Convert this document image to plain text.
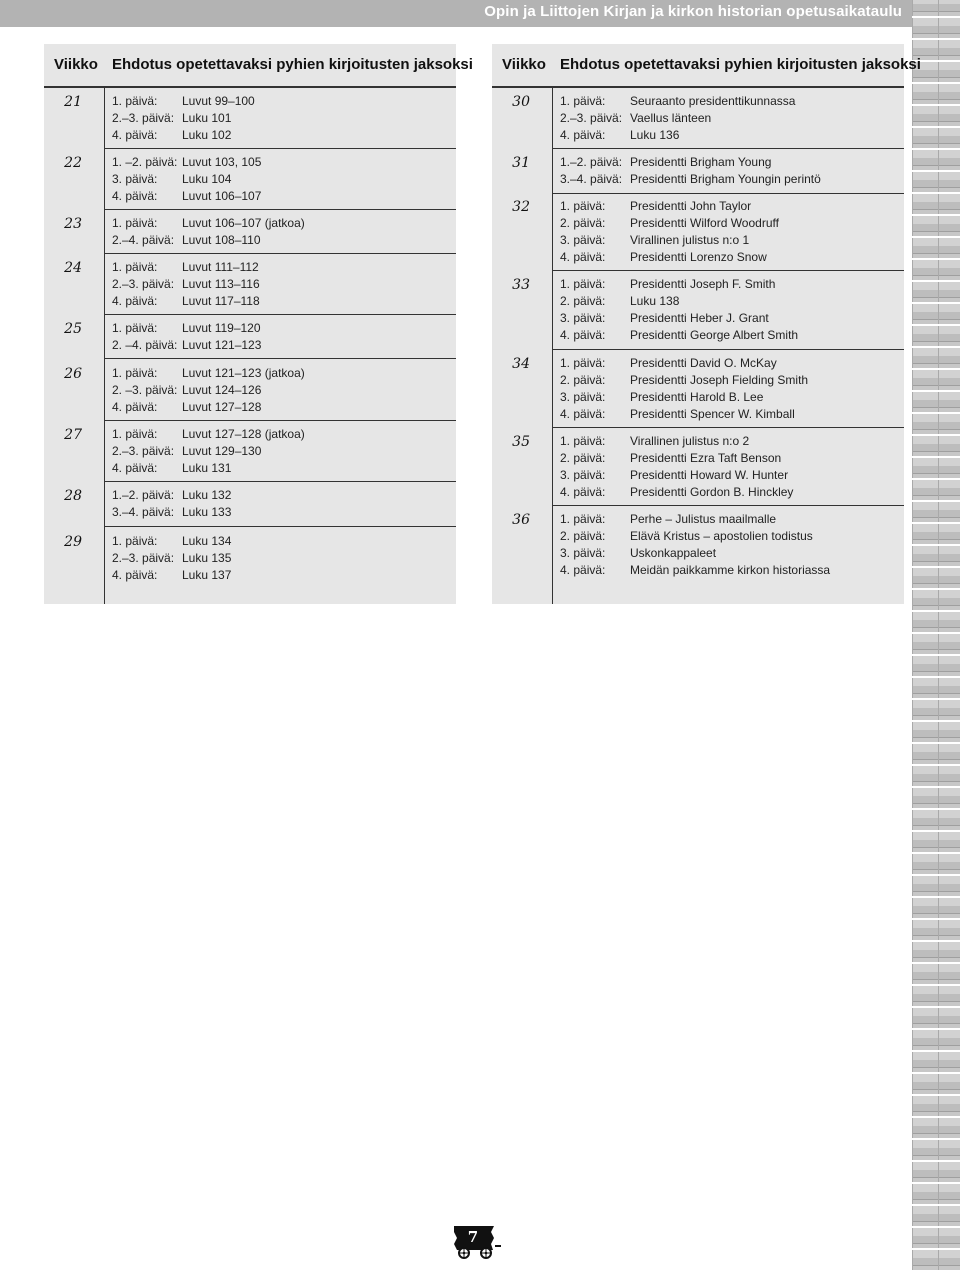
Opin ja Liittojen Kirjan ja kirkon historian opetusaikataulu
Viikko Ehdotus opetettavaksi pyhien kirjoitusten jaksoksi
21	1. päivä: Luvut 99–100
2.–3. päivä: Luku 101
4. päivä: Luku 102
22	1. –2. päivä: Luvut 103, 105
3. päivä: Luku 104
4. päivä: Luvut 106–107
23	1. päivä: Luvut 106–107 (jatkoa)
2.–4. päivä: Luvut 108–110
24	1. päivä: Luvut 111–112
2.–3. päivä: Luvut 113–116
4. päivä: Luvut 117–118
25	1. päivä: Luvut 119–120
2. –4. päivä: Luvut 121–123
26	1. päivä: Luvut 121–123 (jatkoa)
2. –3. päivä: Luvut 124–126
4. päivä: Luvut 127–128
27	1. päivä: Luvut 127–128 (jatkoa)
2.–3. päivä: Luvut 129–130
4. päivä: Luku 131
28	1.–2. päivä: Luku 132
3.–4. päivä: Luku 133
29	1. päivä: Luku 134
2.–3. päivä: Luku 135
4. päivä: Luku 137
Viikko Ehdotus opetettavaksi pyhien kirjoitusten jaksoksi
30	1. päivä: Seuraanto presidenttikunnassa
2.–3. päivä: Vaellus länteen
4. päivä: Luku 136
31	1.–2. päivä: Presidentti Brigham Young
3.–4. päivä: Presidentti Brigham Youngin perintö
32	1. päivä: Presidentti John Taylor
2. päivä: Presidentti Wilford Woodruff
3. päivä: Virallinen julistus n:o 1
4. päivä: Presidentti Lorenzo Snow
33	1. päivä: Presidentti Joseph F. Smith
2. päivä: Luku 138
3. päivä: Presidentti Heber J. Grant
4. päivä: Presidentti George Albert Smith
34	1. päivä: Presidentti David O. McKay
2. päivä: Presidentti Joseph Fielding Smith
3. päivä: Presidentti Harold B. Lee
4. päivä: Presidentti Spencer W. Kimball
35	1. päivä: Virallinen julistus n:o 2
2. päivä: Presidentti Ezra Taft Benson
3. päivä: Presidentti Howard W. Hunter
4. päivä: Presidentti Gordon B. Hinckley
36	1. päivä: Perhe – Julistus maailmalle
2. päivä: Elävä Kristus – apostolien todistus
3. päivä: Uskonkappaleet
4. päivä: Meidän paikkamme kirkon historiassa
7
